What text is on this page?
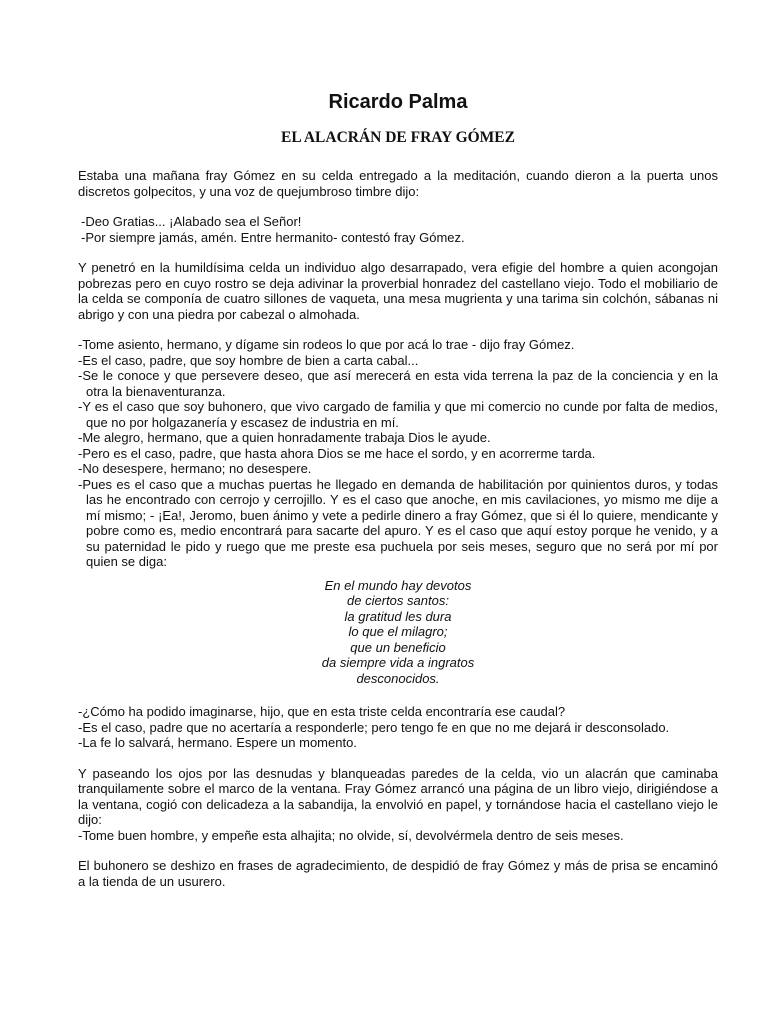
Ricardo Palma
EL ALACRÁN DE FRAY GÓMEZ

Estaba una mañana fray Gómez en su celda entregado a la meditación, cuando dieron a la puerta unos discretos golpecitos, y una voz de quejumbroso timbre dijo:

-Deo Gratias... ¡Alabado sea el Señor!
-Por siempre jamás, amén. Entre hermanito- contestó fray Gómez.

Y penetró en la humildísima celda un individuo algo desarrapado, vera efigie del hombre a quien acongojan pobrezas pero en cuyo rostro se deja adivinar la proverbial honradez del castellano viejo. Todo el mobiliario de la celda se componía de cuatro sillones de vaqueta, una mesa mugrienta y una tarima sin colchón, sábanas ni abrigo y con una piedra por cabezal o almohada.

-Tome asiento, hermano, y dígame sin rodeos lo que por acá lo trae - dijo fray Gómez.
-Es el caso, padre, que soy hombre de bien a carta cabal...
-Se le conoce y que persevere deseo, que así merecerá en esta vida terrena la paz de la conciencia y en la otra la bienaventuranza.
-Y es el caso que soy buhonero, que vivo cargado de familia y que mi comercio no cunde por falta de medios, que no por holgazanería y escasez de industria en mí.
-Me alegro, hermano, que a quien honradamente trabaja Dios le ayude.
-Pero es el caso, padre, que hasta ahora Dios se me hace el sordo, y en acorrerme tarda.
-No desespere, hermano; no desespere.
-Pues es el caso que a muchas puertas he llegado en demanda de habilitación por quinientos duros, y todas las he encontrado con cerrojo y cerrojillo. Y es el caso que anoche, en mis cavilaciones, yo mismo me dije a mí mismo; - ¡Ea!, Jeromo, buen ánimo y vete a pedirle dinero a fray Gómez, que si él lo quiere, mendicante y pobre como es, medio encontrará para sacarte del apuro. Y es el caso que aquí estoy porque he venido, y a su paternidad le pido y ruego que me preste esa puchuela por seis meses, seguro que no será por mí por quien se diga:
En el mundo hay devotos
de ciertos santos:
la gratitud les dura
lo que el milagro;
que un beneficio
da siempre vida a ingratos
desconocidos.
-¿Cómo ha podido imaginarse, hijo, que en esta triste celda encontraría ese caudal?
-Es el caso, padre que no acertaría a responderle; pero tengo fe en que no me dejará ir desconsolado.
-La fe lo salvará, hermano. Espere un momento.

Y paseando los ojos por las desnudas y blanqueadas paredes de la celda, vio un alacrán que caminaba tranquilamente sobre el marco de la ventana. Fray Gómez arrancó una página de un libro viejo, dirigiéndose a la ventana, cogió con delicadeza a la sabandija, la envolvió en papel, y tornándose hacia el castellano viejo le dijo:

-Tome buen hombre, y empeñe esta alhajita; no olvide, sí, devolvérmela dentro de seis meses.

El buhonero se deshizo en frases de agradecimiento, de despidió de fray Gómez y más de prisa se encaminó a la tienda de un usurero.
